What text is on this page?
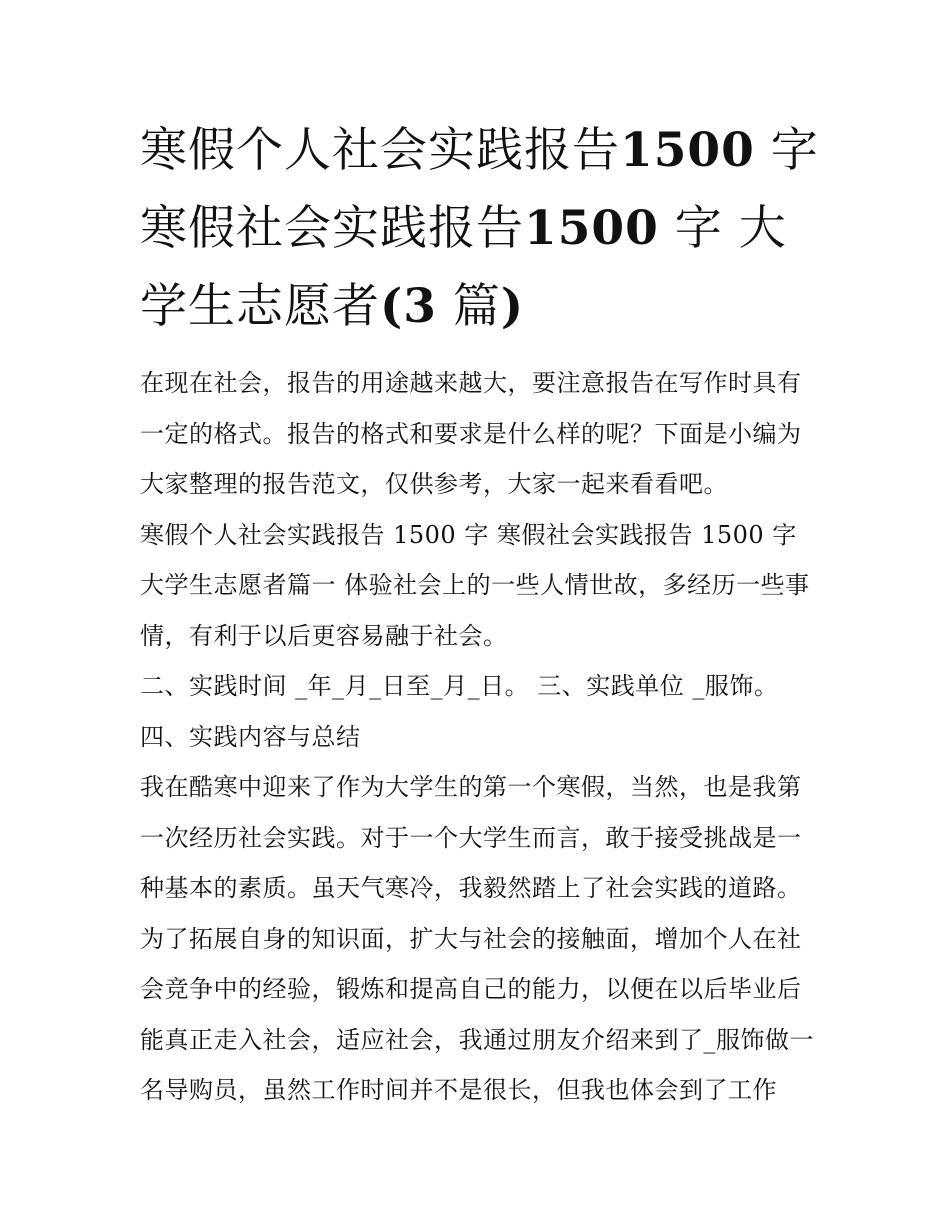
寒假个人社会实践报告1500 字寒假社会实践报告1500 字 大学生志愿者(3 篇)

在现在社会，报告的用途越来越大，要注意报告在写作时具有一定的格式。报告的格式和要求是什么样的呢？下面是小编为大家整理的报告范文，仅供参考，大家一起来看看吧。

寒假个人社会实践报告 1500 字 寒假社会实践报告 1500 字 大学生志愿者篇一 体验社会上的一些人情世故，多经历一些事情，有利于以后更容易融于社会。

二、实践时间 _年_月_日至_月_日。 三、实践单位 _服饰。

四、实践内容与总结

我在酷寒中迎来了作为大学生的第一个寒假，当然，也是我第一次经历社会实践。对于一个大学生而言，敢于接受挑战是一种基本的素质。虽天气寒冷，我毅然踏上了社会实践的道路。为了拓展自身的知识面，扩大与社会的接触面，增加个人在社会竞争中的经验，锻炼和提高自己的能力，以便在以后毕业后能真正走入社会，适应社会，我通过朋友介绍来到了_服饰做一名导购员，虽然工作时间并不是很长，但我也体会到了工作
